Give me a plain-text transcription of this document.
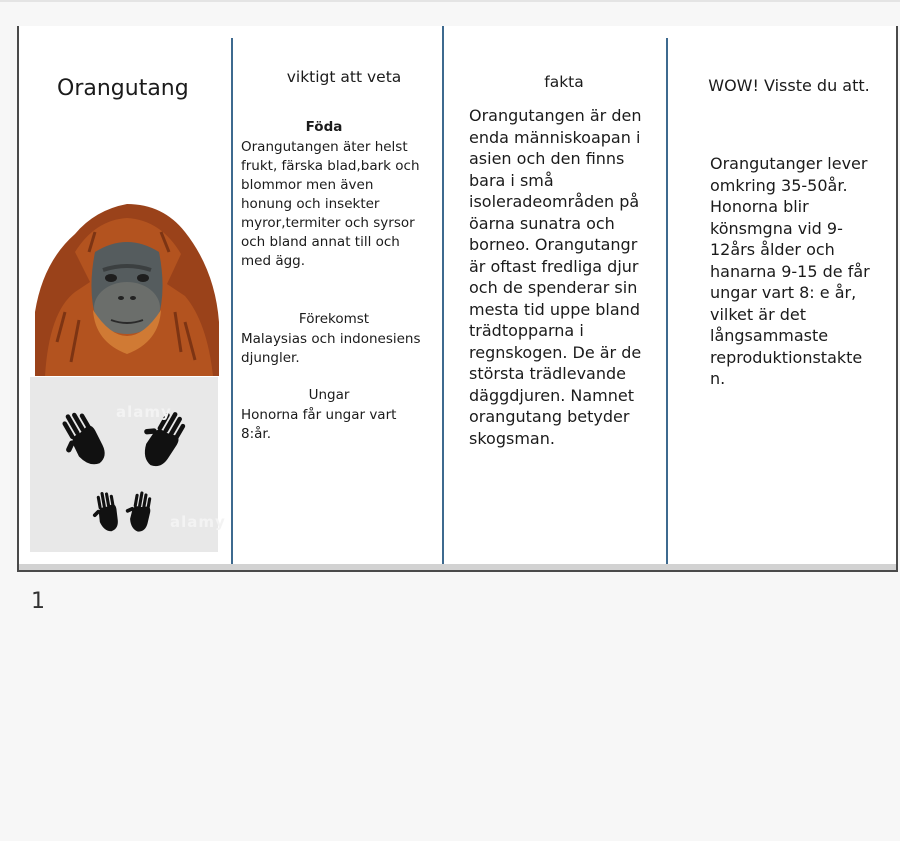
Orangutang
alamy
alamy
viktigt att veta

Föda

Orangutangen äter helst frukt, färska blad,bark och blommor men även honung och insekter myror,termiter och syrsor och bland annat till och med ägg.

Förekomst

Malaysias och indonesiens djungler.

Ungar

Honorna får ungar vart 8:år.
fakta
Orangutangen är den enda människoapan i asien och den finns bara i små isoleradeområden på öarna sunatra och borneo. Orangutangr är oftast fredliga djur och de spenderar sin mesta tid uppe bland trädtopparna i regnskogen. De är de största trädlevande däggdjuren. Namnet orangutang betyder skogsman.
WOW! Visste du att.
Orangutanger lever omkring 35-50år. Honorna blir könsmgna vid 9-12års ålder och hanarna 9-15 de får ungar vart 8: e år, vilket är det långsammaste reproduktionstakte n.
1
